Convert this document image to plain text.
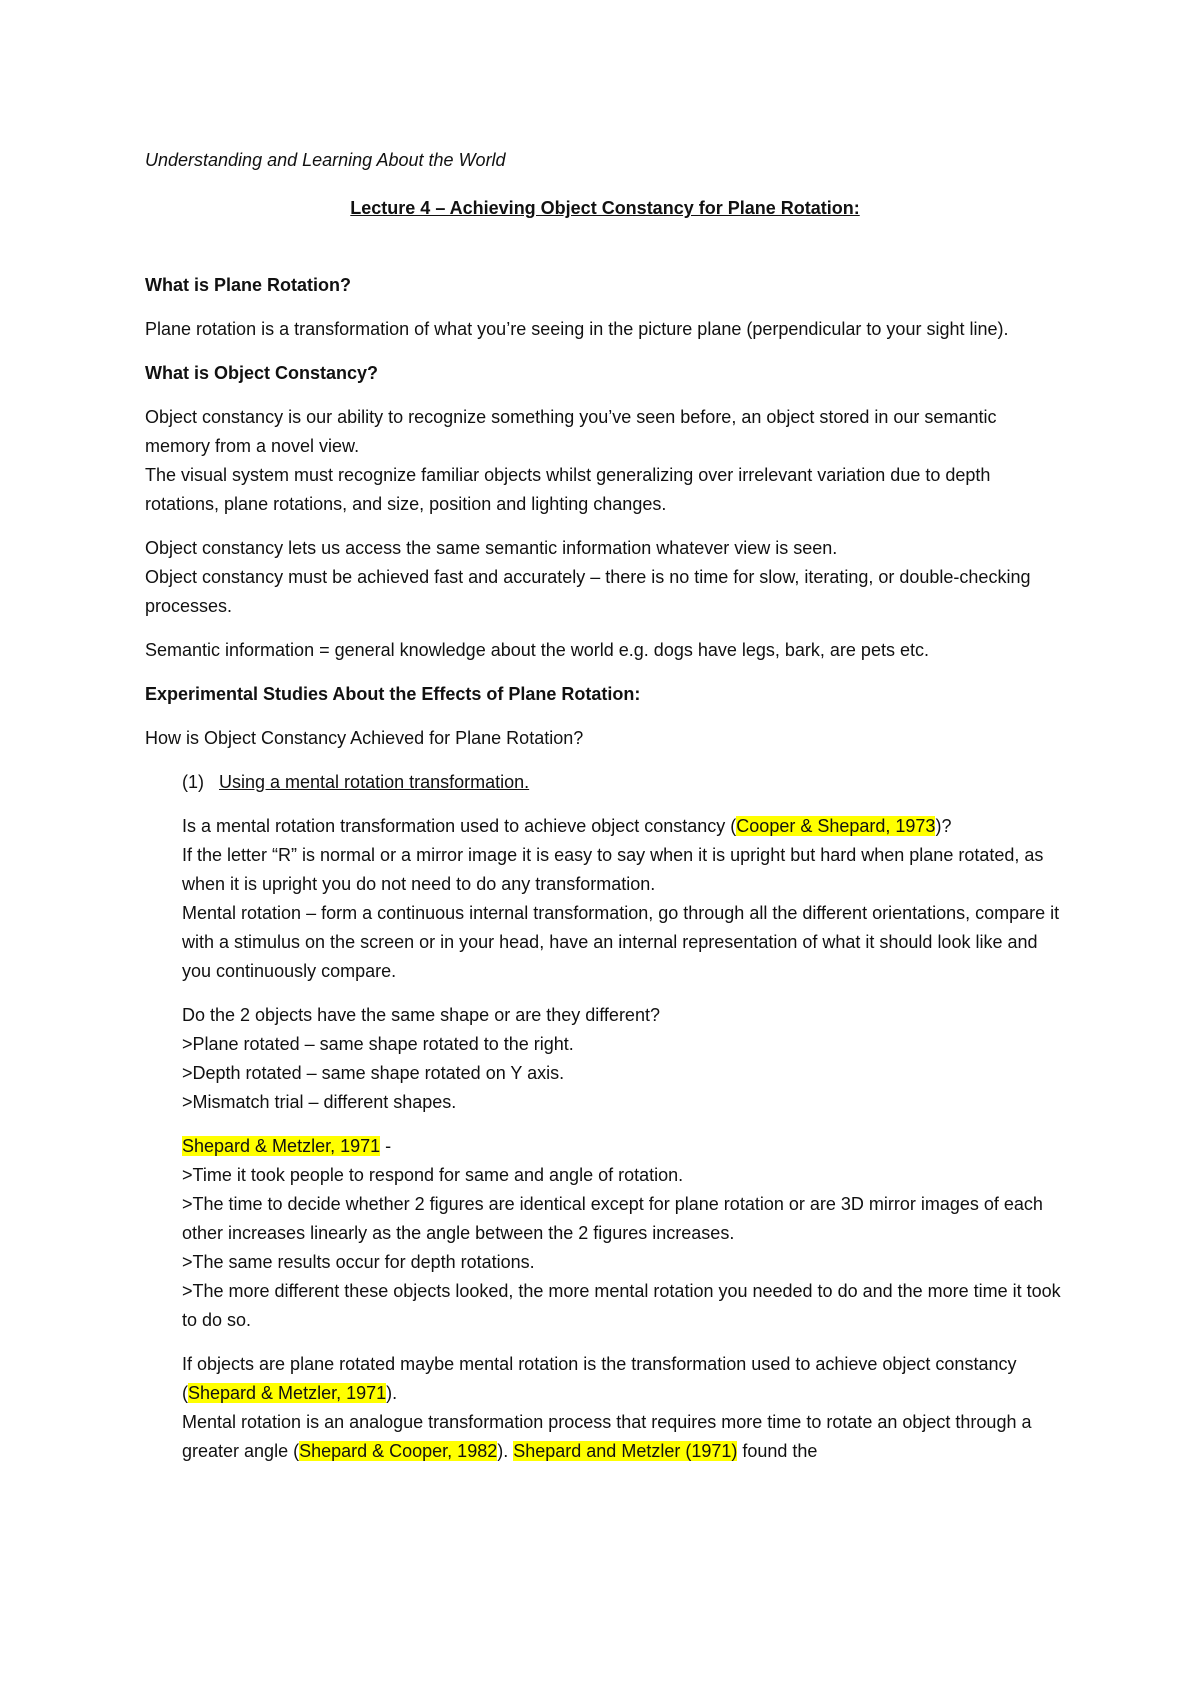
Understanding and Learning About the World

Lecture 4 – Achieving Object Constancy for Plane Rotation:

What is Plane Rotation?

Plane rotation is a transformation of what you’re seeing in the picture plane (perpendicular to your sight line).

What is Object Constancy?

Object constancy is our ability to recognize something you’ve seen before, an object stored in our semantic memory from a novel view.

The visual system must recognize familiar objects whilst generalizing over irrelevant variation due to depth rotations, plane rotations, and size, position and lighting changes.

Object constancy lets us access the same semantic information whatever view is seen.

Object constancy must be achieved fast and accurately – there is no time for slow, iterating, or double-checking processes.

Semantic information = general knowledge about the world e.g. dogs have legs, bark, are pets etc.

Experimental Studies About the Effects of Plane Rotation:

How is Object Constancy Achieved for Plane Rotation?

(1) Using a mental rotation transformation.

Is a mental rotation transformation used to achieve object constancy (Cooper & Shepard, 1973)?

If the letter “R” is normal or a mirror image it is easy to say when it is upright but hard when plane rotated, as when it is upright you do not need to do any transformation.

Mental rotation – form a continuous internal transformation, go through all the different orientations, compare it with a stimulus on the screen or in your head, have an internal representation of what it should look like and you continuously compare.

Do the 2 objects have the same shape or are they different?

>Plane rotated – same shape rotated to the right.

>Depth rotated – same shape rotated on Y axis.

>Mismatch trial – different shapes.

Shepard & Metzler, 1971 -

>Time it took people to respond for same and angle of rotation.

>The time to decide whether 2 figures are identical except for plane rotation or are 3D mirror images of each other increases linearly as the angle between the 2 figures increases.

>The same results occur for depth rotations.

>The more different these objects looked, the more mental rotation you needed to do and the more time it took to do so.

If objects are plane rotated maybe mental rotation is the transformation used to achieve object constancy (Shepard & Metzler, 1971).

Mental rotation is an analogue transformation process that requires more time to rotate an object through a greater angle (Shepard & Cooper, 1982). Shepard and Metzler (1971) found the
